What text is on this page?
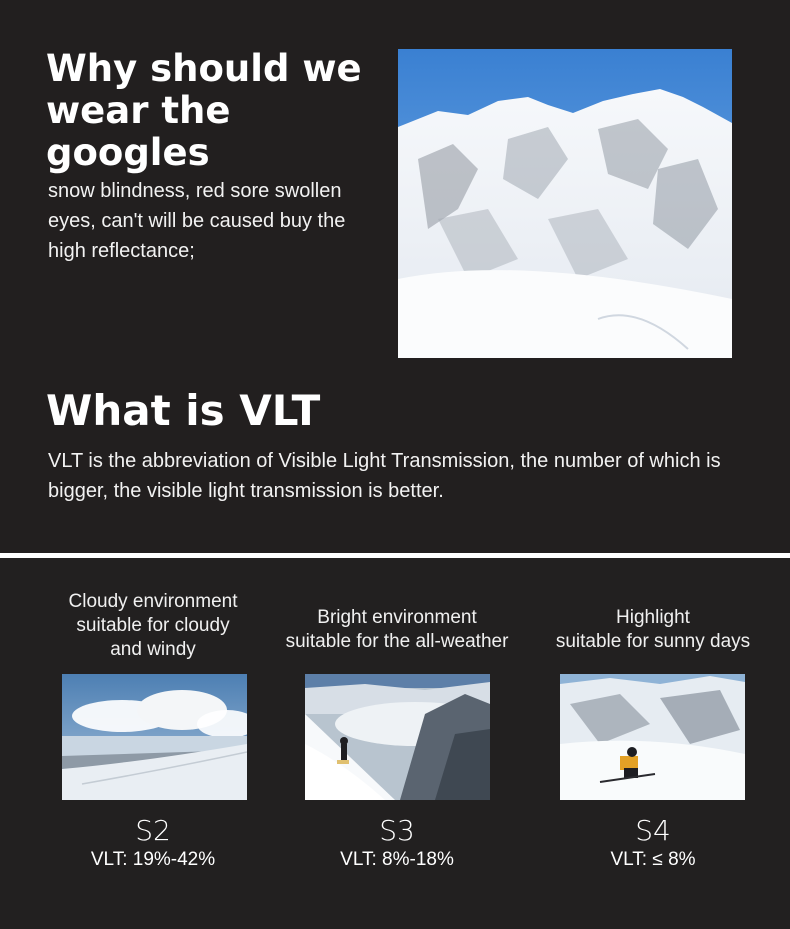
Why should we wear the googles

snow blindness, red sore swollen eyes, can't will be caused buy the high reflectance;

What is VLT

VLT is the abbreviation of Visible Light Transmission, the number of which is bigger, the visible light transmission is better.

Cloudy environment
suitable for cloudy
and windy
S2
VLT: 19%-42%
Bright environment
suitable for the all-weather
S3
VLT: 8%-18%
Highlight
suitable for sunny days
S4
VLT: ≤ 8%
